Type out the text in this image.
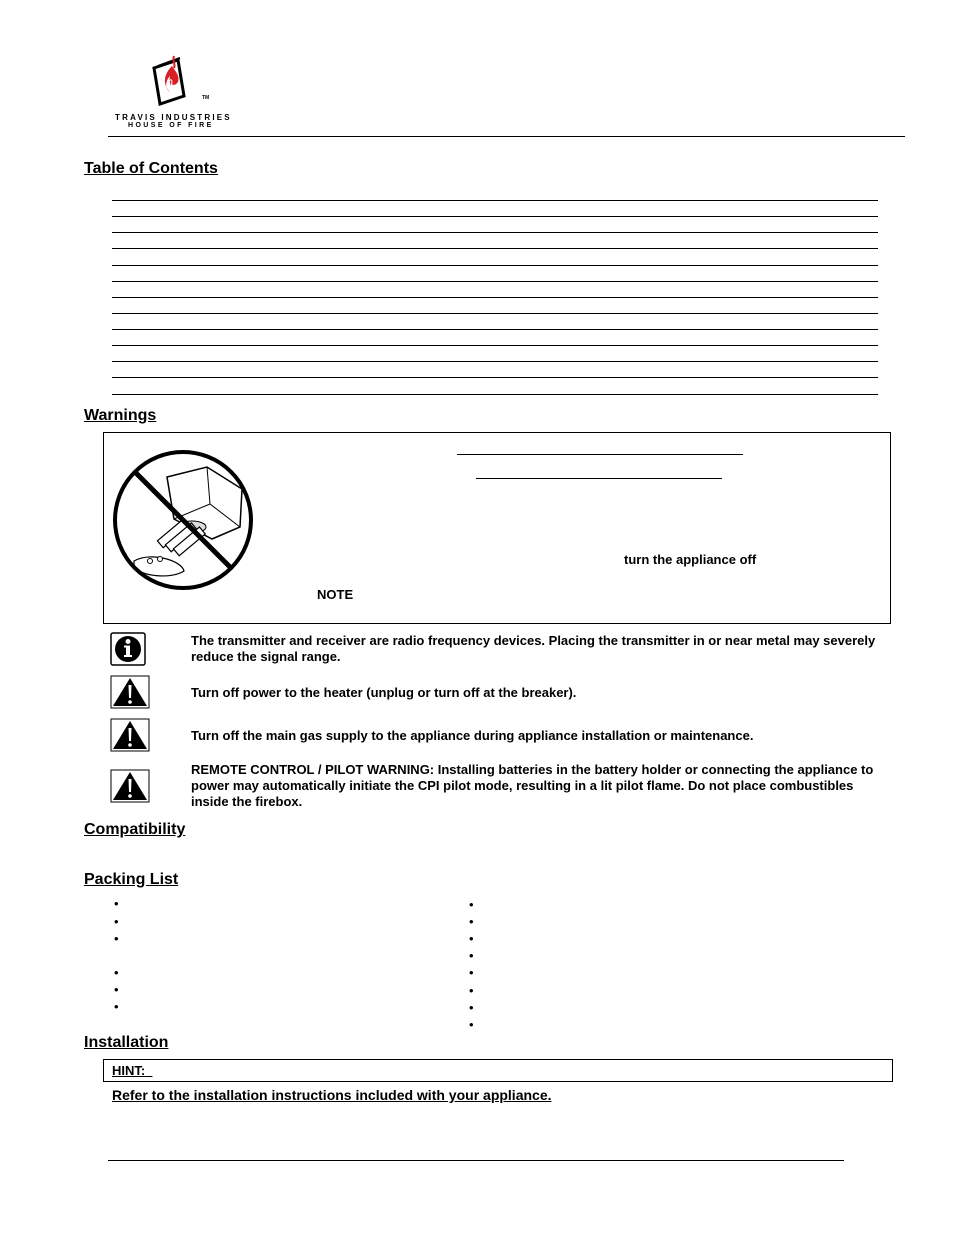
TM
TRAVIS INDUSTRIES
HOUSE OF FIRE
Table of Contents
Warnings
turn the appliance off
NOTE
The transmitter and receiver are radio frequency devices. Placing the transmitter in or near metal may severely reduce the signal range.
Turn off power to the heater (unplug or turn off at the breaker).
Turn off the main gas supply to the appliance during appliance installation or maintenance.
REMOTE CONTROL / PILOT WARNING: Installing batteries in the battery holder or connecting the appliance to power may automatically initiate the CPI pilot mode, resulting in a lit pilot flame. Do not place combustibles inside the firebox.
Compatibility
Packing List
•
•
•
•
•
•
•
•
•
•
•
•
•
•
Installation
HINT:
Refer to the installation instructions included with your appliance.
